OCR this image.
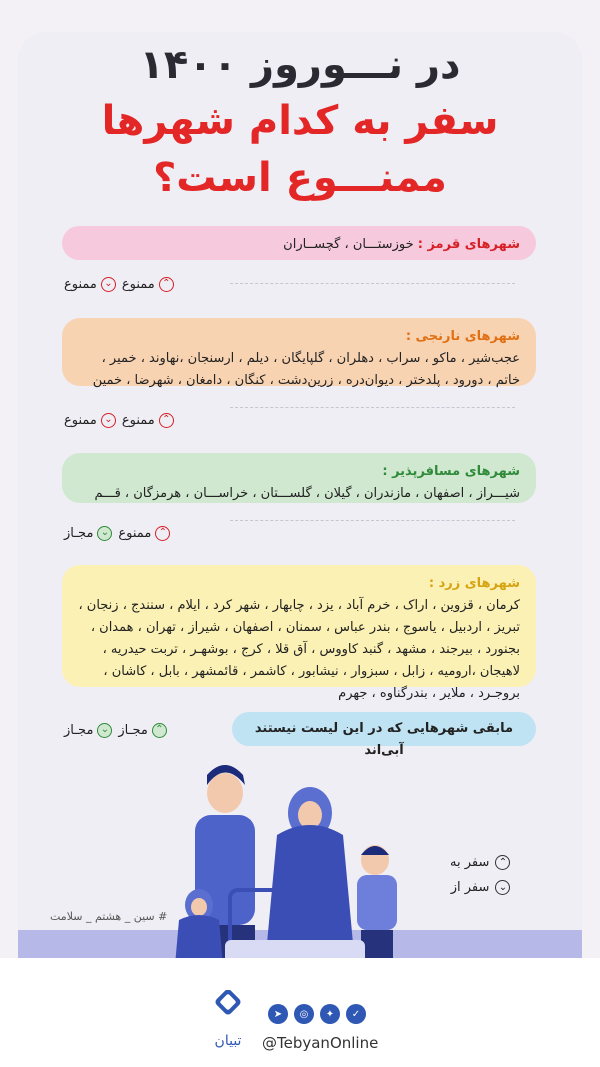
در نـــوروز ۱۴۰۰
سفر به کدام شهرها
ممنـــوع است؟
شهرهای قرمز : خوزستـــان ، گچســاران
⌄
ممنوع	⌃
ممنوع
شهرهای نارنجی :
عجب‌شیر ، ماکو ، سراب ، دهلران ، گلپایگان ، دیلم ، ارسنجان ،نهاوند ، خمیر ، خاتم ، دورود ، پلدختر ، دیوان‌دره ، زرین‌دشت ، کنگان ، دامغان ، شهرضا ، خمین
⌄
ممنوع	⌃
ممنوع
شهرهای مسافرپذیر :
شیـــراز ، اصفهان ، مازندران ، گیلان ، گلســـتان ، خراســـان ، هرمزگان ، قـــم
⌄
مجـاز	⌃
ممنوع
شهرهای زرد :
کرمان ، قزوین ، اراک ، خرم آباد ، یزد ، چابهار ، شهر کرد ، ایلام ، سنندج ، زنجان ، تبریز ، اردبیل ، یاسوج ، بندر عباس ، سمنان ، اصفهان ، شیراز ، تهران ، همدان ، بجنورد ، بیرجند ، مشهد ، گنبد کاووس ، آق قلا ، کرج ، بوشهـر ، تربت حیدریه ، لاهیجان ،ارومیه ، زابل ، سبزوار ، نیشابور ، کاشمر ، قائمشهر ، بابل ، کاشان ، بروجـرد ، ملایر ، بندرگناوه ، جهرم
⌄
مجـاز	⌃
مجـاز	مابقی شهرهایی که در این لیست نیستند آبی‌اند
⌃
سفر به
⌄
سفر از
# سین _ هشتم _ سلامت
تبیان
➤	◎	✦	✓
@TebyanOnline
